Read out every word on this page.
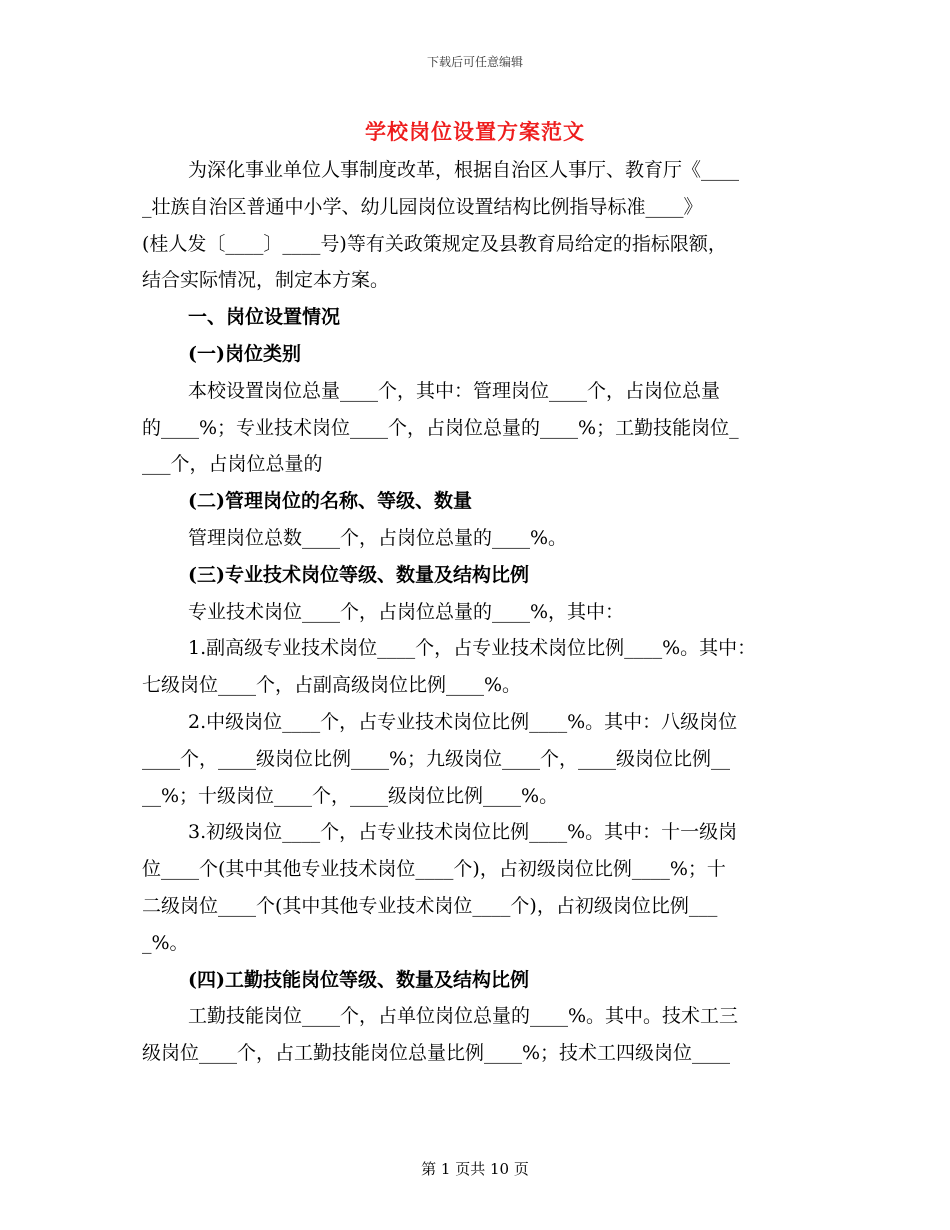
下载后可任意编辑
学校岗位设置方案范文
为深化事业单位人事制度改革，根据自治区人事厅、教育厅《____
_壮族自治区普通中小学、幼儿园岗位设置结构比例指导标准____》
(桂人发〔____〕____号)等有关政策规定及县教育局给定的指标限额，
结合实际情况，制定本方案。
一、岗位设置情况
(一)岗位类别
本校设置岗位总量____个，其中：管理岗位____个，占岗位总量
的____%；专业技术岗位____个，占岗位总量的____%；工勤技能岗位_
___个，占岗位总量的
(二)管理岗位的名称、等级、数量
管理岗位总数____个，占岗位总量的____%。
(三)专业技术岗位等级、数量及结构比例
专业技术岗位____个，占岗位总量的____%，其中：
1.副高级专业技术岗位____个，占专业技术岗位比例____%。其中：
七级岗位____个，占副高级岗位比例____%。
2.中级岗位____个，占专业技术岗位比例____%。其中：八级岗位
____个，____级岗位比例____%；九级岗位____个，____级岗位比例__
__%；十级岗位____个，____级岗位比例____%。
3.初级岗位____个，占专业技术岗位比例____%。其中：十一级岗
位____个(其中其他专业技术岗位____个)，占初级岗位比例____%；十
二级岗位____个(其中其他专业技术岗位____个)，占初级岗位比例___
_%。
(四)工勤技能岗位等级、数量及结构比例
工勤技能岗位____个，占单位岗位总量的____%。其中。技术工三
级岗位____个，占工勤技能岗位总量比例____%；技术工四级岗位____
第 1 页共 10 页
